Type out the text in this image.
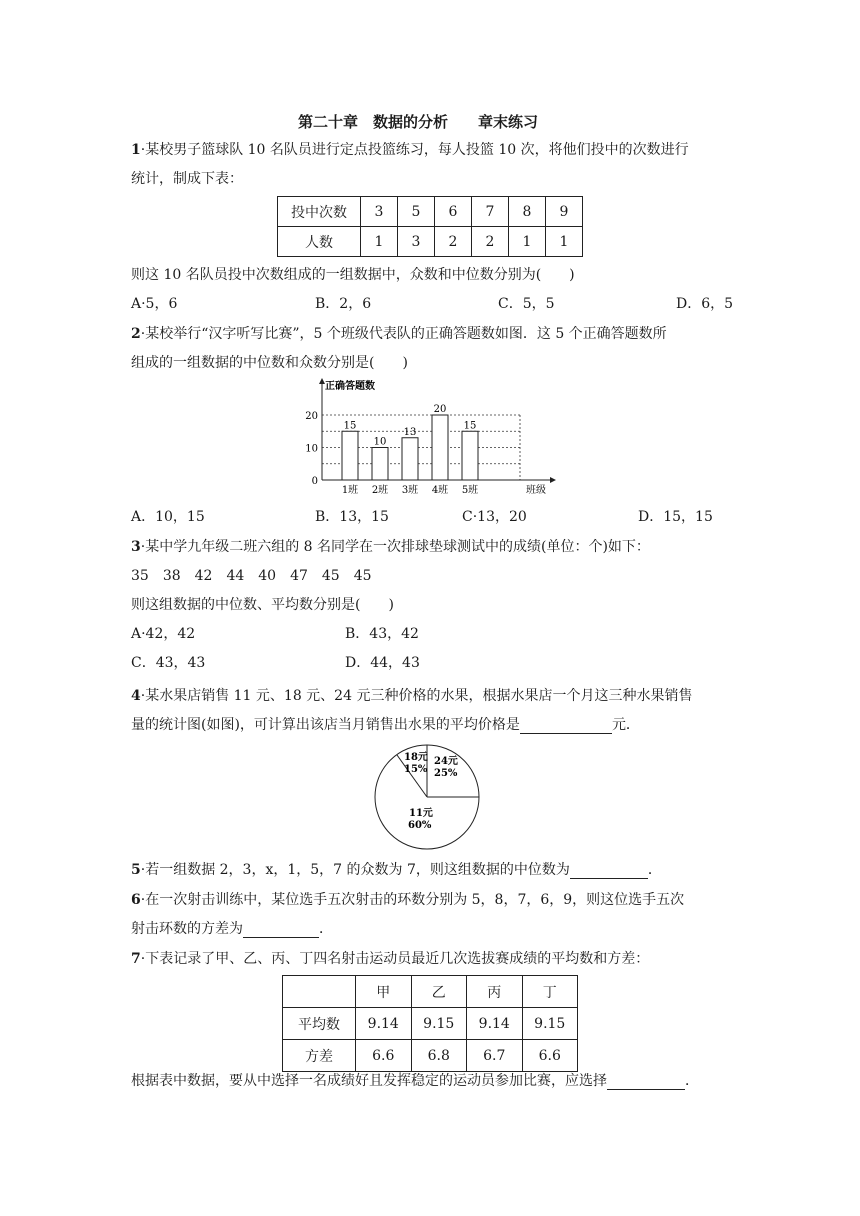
第二十章　数据的分析　　章末练习
1·某校男子篮球队 10 名队员进行定点投篮练习，每人投篮 10 次，将他们投中的次数进行
统计，制成下表：
投中次数	3	5	6	7	8	9
人数	1	3	2	2	1	1
则这 10 名队员投中次数组成的一组数据中，众数和中位数分别为(　　)
A·5，6	B．2，6	C．5，5	D．6，5
2·某校举行“汉字听写比赛”，5 个班级代表队的正确答题数如图．这 5 个正确答题数所
组成的一组数据的中位数和众数分别是(　　)
正确答题数
班级
0
10
20
15
1班
10
2班
13
3班
20
4班
15
5班
A．10，15	B．13，15	C·13，20	D．15，15
3·某中学九年级二班六组的 8 名同学在一次排球垫球测试中的成绩(单位：个)如下：
35　38　42　44　40　47　45　45
则这组数据的中位数、平均数分别是(　　)
A·42，42	B．43，42
C．43，43	D．44，43
4·某水果店销售 11 元、18 元、24 元三种价格的水果，根据水果店一个月这三种水果销售
量的统计图(如图)，可计算出该店当月销售出水果的平均价格是	元．
24元
25%
18元
15%
11元
60%
5·若一组数据 2，3，x，1，5，7 的众数为 7，则这组数据的中位数为	．
6·在一次射击训练中，某位选手五次射击的环数分别为 5，8，7，6，9，则这位选手五次
射击环数的方差为	．
7·下表记录了甲、乙、丙、丁四名射击运动员最近几次选拔赛成绩的平均数和方差：
	甲	乙	丙	丁
平均数	9.14	9.15	9.14	9.15
方差	6.6	6.8	6.7	6.6
根据表中数据，要从中选择一名成绩好且发挥稳定的运动员参加比赛，应选择	．
